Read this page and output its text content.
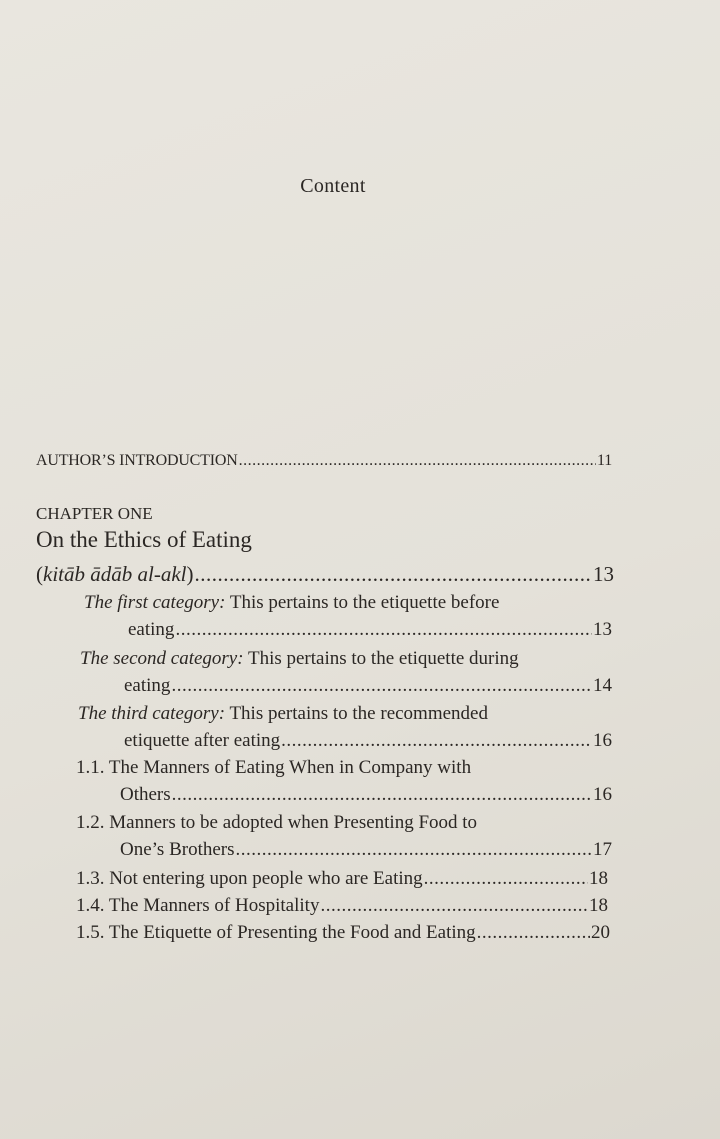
Content
AUTHOR’S INTRODUCTION .....	11
CHAPTER ONE
On the Ethics of Eating
(kitāb ādāb al-akl) .....	13
The first category: This pertains to the etiquette before
eating .....	13
The second category: This pertains to the etiquette during
eating .....	14
The third category: This pertains to the recommended
etiquette after eating .....	16
1.1. The Manners of Eating When in Company with
Others .....	16
1.2. Manners to be adopted when Presenting Food to
One’s Brothers .....	17
1.3. Not entering upon people who are Eating .....	18
1.4. The Manners of Hospitality .....	18
1.5. The Etiquette of Presenting the Food and Eating .....	20
